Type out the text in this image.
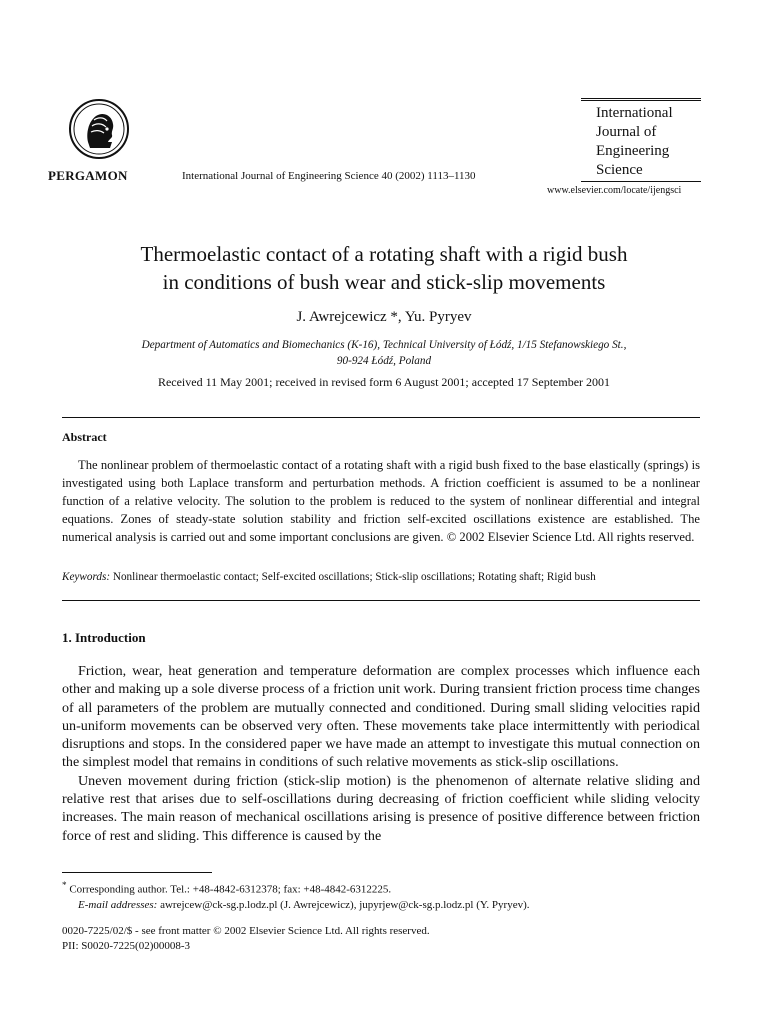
PERGAMON	International Journal of Engineering Science 40 (2002) 1113–1130
International
Journal of
Engineering
Science
www.elsevier.com/locate/ijengsci
Thermoelastic contact of a rotating shaft with a rigid bush
in conditions of bush wear and stick-slip movements
J. Awrejcewicz *, Yu. Pyryev
Department of Automatics and Biomechanics (K-16), Technical University of Łódź, 1/15 Stefanowskiego St.,
90-924 Łódź, Poland
Received 11 May 2001; received in revised form 6 August 2001; accepted 17 September 2001
Abstract

The nonlinear problem of thermoelastic contact of a rotating shaft with a rigid bush fixed to the base elastically (springs) is investigated using both Laplace transform and perturbation methods. A friction coefficient is assumed to be a nonlinear function of a relative velocity. The solution to the problem is reduced to the system of nonlinear differential and integral equations. Zones of steady-state solution stability and friction self-excited oscillations existence are established. The numerical analysis is carried out and some important conclusions are given. © 2002 Elsevier Science Ltd. All rights reserved.

Keywords: Nonlinear thermoelastic contact; Self-excited oscillations; Stick-slip oscillations; Rotating shaft; Rigid bush
1. Introduction

Friction, wear, heat generation and temperature deformation are complex processes which influence each other and making up a sole diverse process of a friction unit work. During transient friction process time changes of all parameters of the problem are mutually connected and conditioned. During small sliding velocities rapid un-uniform movements can be observed very often. These movements take place intermittently with periodical disruptions and stops. In the considered paper we have made an attempt to investigate this mutual connection on the simplest model that remains in conditions of such relative movements as stick-slip oscillations.

Uneven movement during friction (stick-slip motion) is the phenomenon of alternate relative sliding and relative rest that arises due to self-oscillations during decreasing of friction coefficient while sliding velocity increases. The main reason of mechanical oscillations arising is presence of positive difference between friction force of rest and sliding. This difference is caused by the

* Corresponding author. Tel.: +48-4842-6312378; fax: +48-4842-6312225.
E-mail addresses: awrejcew@ck-sg.p.lodz.pl (J. Awrejcewicz), jupyrjew@ck-sg.p.lodz.pl (Y. Pyryev).
0020-7225/02/$ - see front matter © 2002 Elsevier Science Ltd. All rights reserved.
PII: S0020-7225(02)00008-3
